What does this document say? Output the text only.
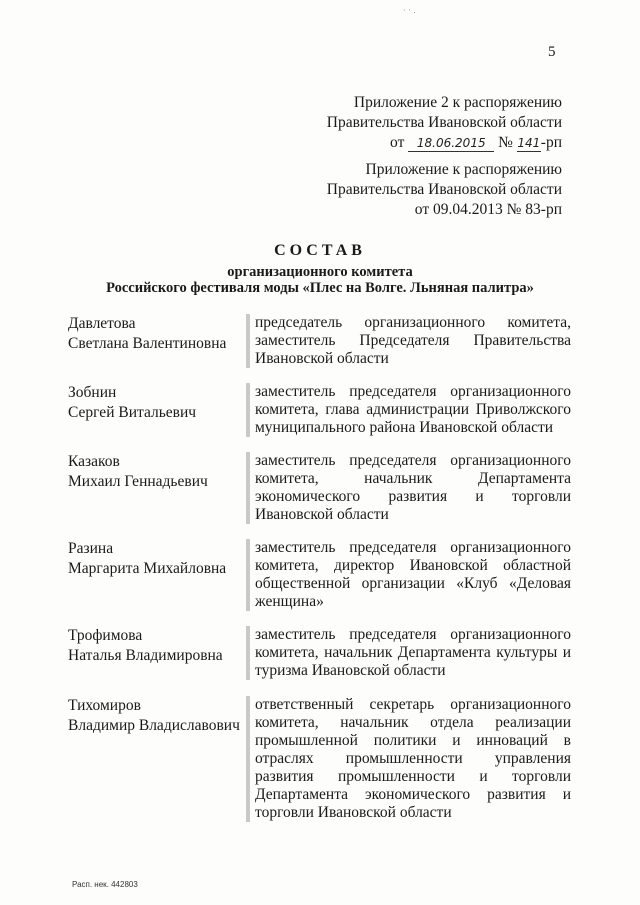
· · .
5
Приложение 2 к распоряжению
Правительства Ивановской области
от 18.06.2015 № 141-рп
Приложение к распоряжению
Правительства Ивановской области
от 09.04.2013 № 83-рп
СОСТАВ
организационного комитета
Российского фестиваля моды «Плес на Волге. Льняная палитра»
Давлетова
Светлана Валентиновна
председатель организационного комитета, заместитель Председателя Правительства Ивановской области
Зобнин
Сергей Витальевич
заместитель председателя организационного комитета, глава администрации Приволжского муниципального района Ивановской области
Казаков
Михаил Геннадьевич
заместитель председателя организационного комитета, начальник Департамента экономического развития и торговли Ивановской области
Разина
Маргарита Михайловна
заместитель председателя организационного комитета, директор Ивановской областной общественной организации «Клуб «Деловая женщина»
Трофимова
Наталья Владимировна
заместитель председателя организационного комитета, начальник Департамента культуры и туризма Ивановской области
Тихомиров
Владимир Владиславович
ответственный секретарь организационного комитета, начальник отдела реализации промышленной политики и инноваций в отраслях промышленности управления развития промышленности и торговли Департамента экономического развития и торговли Ивановской области
Расп. нек. 442803
